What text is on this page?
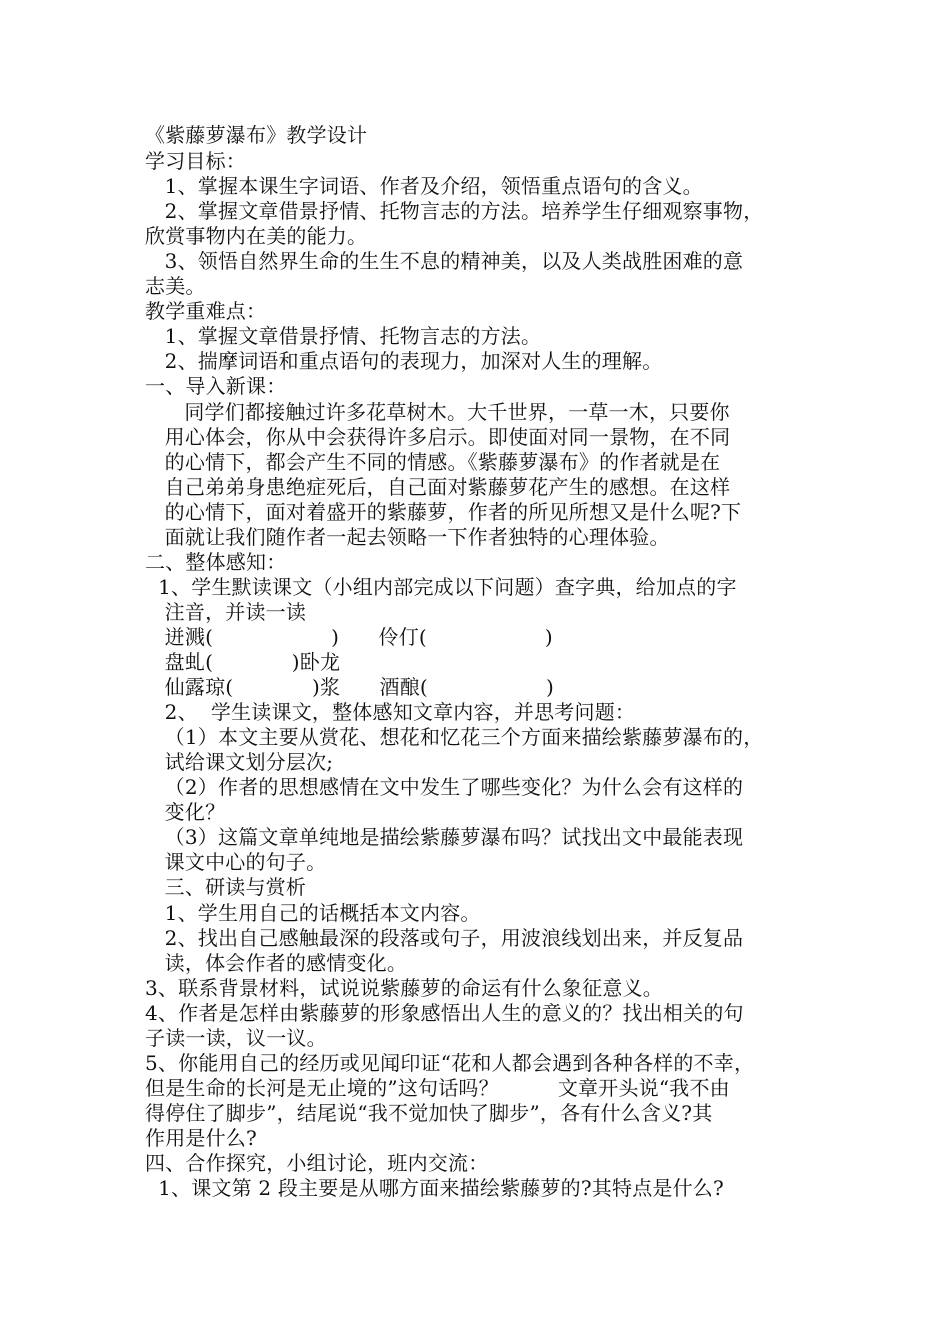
《紫藤萝瀑布》教学设计
学习目标：
1、掌握本课生字词语、作者及介绍，领悟重点语句的含义。
2、掌握文章借景抒情、托物言志的方法。培养学生仔细观察事物，
欣赏事物内在美的能力。
3、领悟自然界生命的生生不息的精神美，以及人类战胜困难的意
志美。
教学重难点：
1、掌握文章借景抒情、托物言志的方法。
2、揣摩词语和重点语句的表现力，加深对人生的理解。
一、导入新课：
同学们都接触过许多花草树木。大千世界，一草一木，只要你
用心体会，你从中会获得许多启示。即使面对同一景物，在不同
的心情下，都会产生不同的情感。《紫藤萝瀑布》的作者就是在
自己弟弟身患绝症死后，自己面对紫藤萝花产生的感想。在这样
的心情下，面对着盛开的紫藤萝，作者的所见所想又是什么呢?下
面就让我们随作者一起去领略一下作者独特的心理体验。
二、整体感知：
1、学生默读课文（小组内部完成以下问题）查字典，给加点的字
注音，并读一读
迸溅(                  )      伶仃(                  )
盘虬(            )卧龙
仙露琼(            )浆      酒酿(                  )
2、  学生读课文，整体感知文章内容，并思考问题：
（1）本文主要从赏花、想花和忆花三个方面来描绘紫藤萝瀑布的，
试给课文划分层次;
（2）作者的思想感情在文中发生了哪些变化？为什么会有这样的
变化？
（3）这篇文章单纯地是描绘紫藤萝瀑布吗？试找出文中最能表现
课文中心的句子。
三、研读与赏析
1、学生用自己的话概括本文内容。
2、找出自己感触最深的段落或句子，用波浪线划出来，并反复品
读，体会作者的感情变化。
3、联系背景材料，试说说紫藤萝的命运有什么象征意义。
4、作者是怎样由紫藤萝的形象感悟出人生的意义的？找出相关的句
子读一读，议一议。
5、你能用自己的经历或见闻印证“花和人都会遇到各种各样的不幸，
但是生命的长河是无止境的”这句话吗？         文章开头说“我不由
得停住了脚步”，结尾说“我不觉加快了脚步”，各有什么含义?其
作用是什么?
四、合作探究，小组讨论，班内交流：
1、课文第 2 段主要是从哪方面来描绘紫藤萝的?其特点是什么?
